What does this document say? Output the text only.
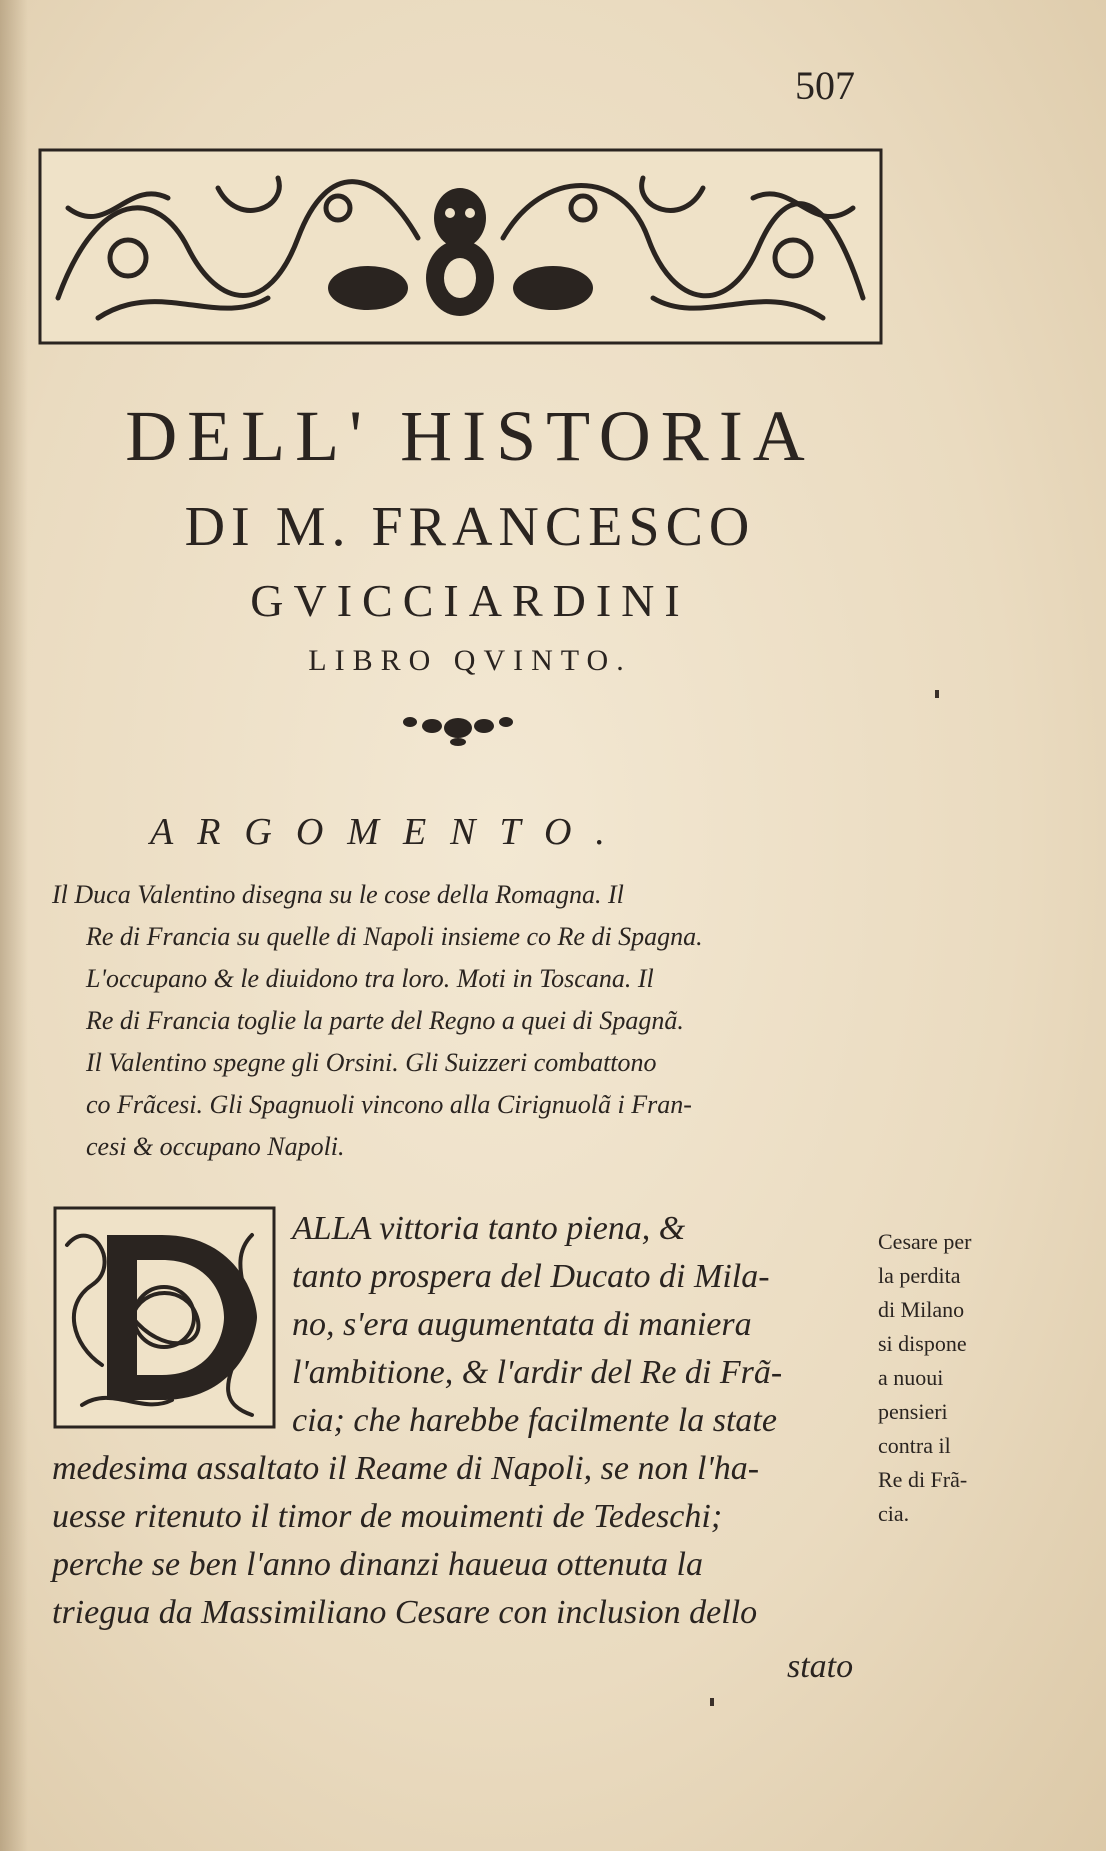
507
DELL' HISTORIA
DI M. FRANCESCO
GVICCIARDINI
LIBRO QVINTO.
ARGOMENTO.
Il Duca Valentino disegna su le cose della Romagna. Il
Re di Francia su quelle di Napoli insieme co Re di Spagna.
L'occupano & le diuidono tra loro. Moti in Toscana. Il
Re di Francia toglie la parte del Regno a quei di Spagnã.
Il Valentino spegne gli Orsini. Gli Suizzeri combattono
co Frãcesi. Gli Spagnuoli vincono alla Cirignuolã i Fran-
cesi & occupano Napoli.
ALLA vittoria tanto piena, &
tanto prospera del Ducato di Mila-
no, s'era augumentata di maniera
l'ambitione, & l'ardir del Re di Frã-
cia; che harebbe facilmente la state
medesima assaltato il Reame di Napoli, se non l'ha-
uesse ritenuto il timor de mouimenti de Tedeschi;
perche se ben l'anno dinanzi haueua ottenuta la
triegua da Massimiliano Cesare con inclusion dello
stato
Cesare per
la perdita
di Milano
si dispone
a nuoui
pensieri
contra il
Re di Frã-
cia.
